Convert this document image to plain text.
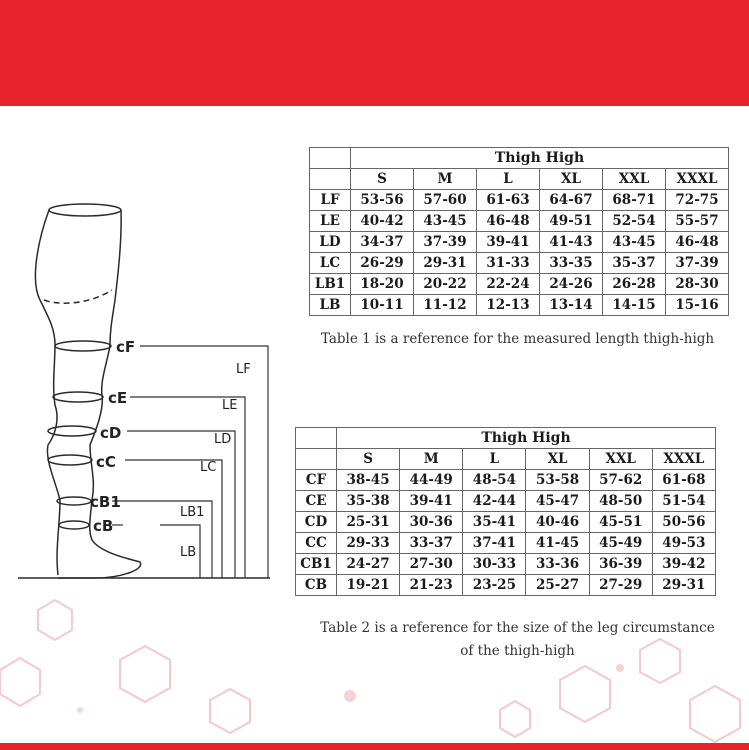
cF
cE
cD
cC
cB1
cB
LF
LE
LD
LC
LB1
LB
	Thigh High					
	S	M	L	XL	XXL	XXXL
LF	53-56	57-60	61-63	64-67	68-71	72-75
LE	40-42	43-45	46-48	49-51	52-54	55-57
LD	34-37	37-39	39-41	41-43	43-45	46-48
LC	26-29	29-31	31-33	33-35	35-37	37-39
LB1	18-20	20-22	22-24	24-26	26-28	28-30
LB	10-11	11-12	12-13	13-14	14-15	15-16
Table 1 is a reference for the measured length thigh-high
	Thigh High					
	S	M	L	XL	XXL	XXXL
CF	38-45	44-49	48-54	53-58	57-62	61-68
CE	35-38	39-41	42-44	45-47	48-50	51-54
CD	25-31	30-36	35-41	40-46	45-51	50-56
CC	29-33	33-37	37-41	41-45	45-49	49-53
CB1	24-27	27-30	30-33	33-36	36-39	39-42
CB	19-21	21-23	23-25	25-27	27-29	29-31
Table 2 is a reference for the size of the leg circumstance
of the thigh-high
